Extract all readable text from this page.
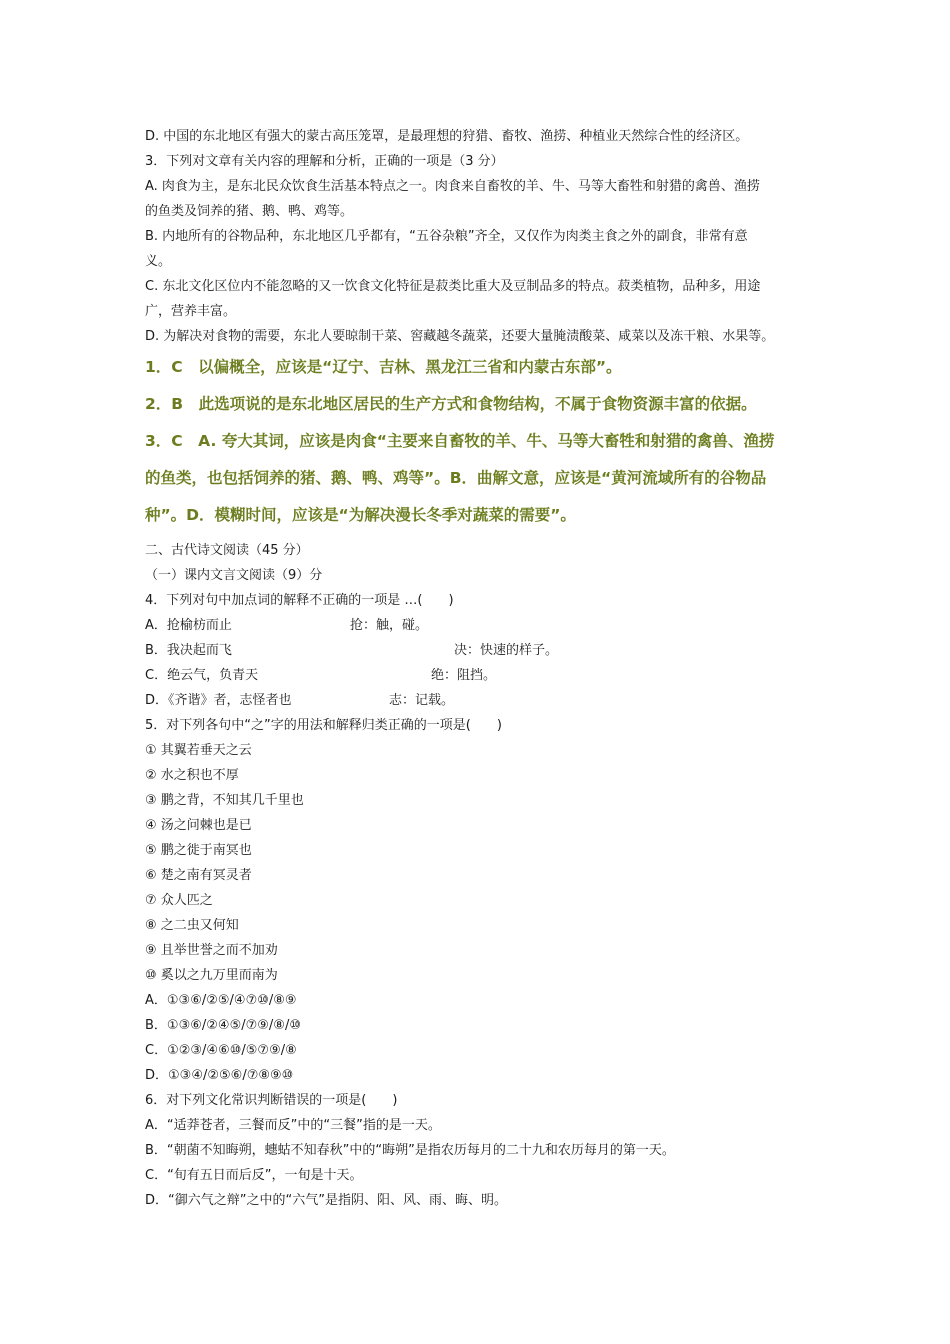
D. 中国的东北地区有强大的蒙古高压笼罩，是最理想的狩猎、畜牧、渔捞、种植业天然综合性的经济区。
3．下列对文章有关内容的理解和分析，正确的一项是（3 分）
A. 肉食为主，是东北民众饮食生活基本特点之一。肉食来自畜牧的羊、牛、马等大畜牲和射猎的禽兽、渔捞
的鱼类及饲养的猪、鹅、鸭、鸡等。
B. 内地所有的谷物品种，东北地区几乎都有，“五谷杂粮”齐全，又仅作为肉类主食之外的副食，非常有意
义。
C. 东北文化区位内不能忽略的又一饮食文化特征是菽类比重大及豆制品多的特点。菽类植物，品种多，用途
广，营养丰富。
D. 为解决对食物的需要，东北人要晾制干菜、窖藏越冬蔬菜，还要大量腌渍酸菜、咸菜以及冻干粮、水果等。
1．C　以偏概全，应该是“辽宁、吉林、黑龙江三省和内蒙古东部”。
2．B　此选项说的是东北地区居民的生产方式和食物结构，不属于食物资源丰富的依据。
3．C　A. 夸大其词，应该是肉食“主要来自畜牧的羊、牛、马等大畜牲和射猎的禽兽、渔捞
的鱼类，也包括饲养的猪、鹅、鸭、鸡等”。B．曲解文意，应该是“黄河流域所有的谷物品
种”。D．模糊时间，应该是“为解决漫长冬季对蔬菜的需要”。
二、古代诗文阅读（45 分）
（一）课内文言文阅读（9）分
4．下列对句中加点词的解释不正确的一项是 …(　　)
A．抢榆枋而止	抢：触，碰。
B．我决起而飞	决：快速的样子。
C．绝云气，负青天	绝：阻挡。
D．《齐谐》者，志怪者也	志：记载。
5．对下列各句中“之”字的用法和解释归类正确的一项是(　　)
① 其翼若垂天之云
② 水之积也不厚
③ 鹏之背，不知其几千里也
④ 汤之问棘也是已
⑤ 鹏之徙于南冥也
⑥ 楚之南有冥灵者
⑦ 众人匹之
⑧ 之二虫又何知
⑨ 且举世誉之而不加劝
⑩ 奚以之九万里而南为
A．①③⑥/②⑤/④⑦⑩/⑧⑨
B．①③⑥/②④⑤/⑦⑨/⑧/⑩
C．①②③/④⑥⑩/⑤⑦⑨/⑧
D．①③④/②⑤⑥/⑦⑧⑨⑩
6．对下列文化常识判断错误的一项是(　　)
A．“适莽苍者，三餐而反”中的“三餐”指的是一天。
B．“朝菌不知晦朔，蟪蛄不知春秋”中的“晦朔”是指农历每月的二十九和农历每月的第一天。
C．“旬有五日而后反”，一旬是十天。
D．“御六气之辩”之中的“六气”是指阴、阳、风、雨、晦、明。
